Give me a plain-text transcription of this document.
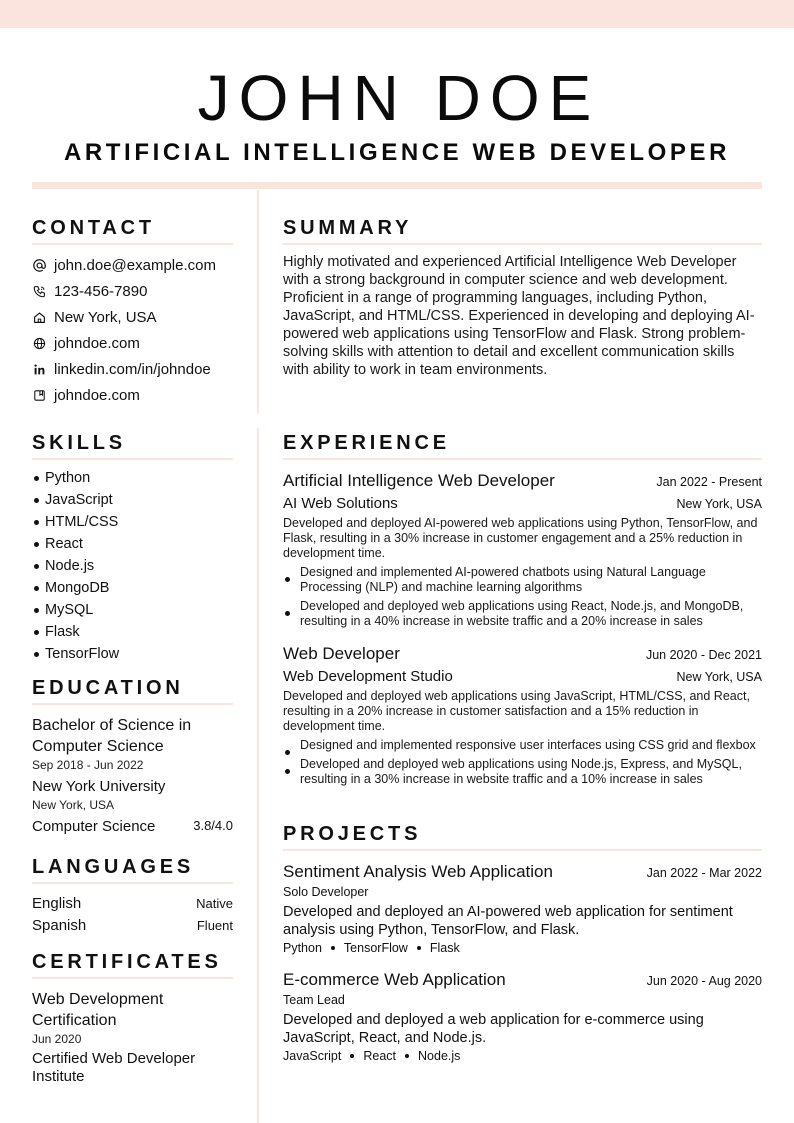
JOHN DOE
ARTIFICIAL INTELLIGENCE WEB DEVELOPER
CONTACT
john.doe@example.com
123-456-7890
New York, USA
johndoe.com
linkedin.com/in/johndoe
johndoe.com
SUMMARY
Highly motivated and experienced Artificial Intelligence Web Developer with a strong background in computer science and web development. Proficient in a range of programming languages, including Python, JavaScript, and HTML/CSS. Experienced in developing and deploying AI-powered web applications using TensorFlow and Flask. Strong problem-solving skills with attention to detail and excellent communication skills with ability to work in team environments.
SKILLS
Python
JavaScript
HTML/CSS
React
Node.js
MongoDB
MySQL
Flask
TensorFlow
EDUCATION
Bachelor of Science in Computer Science
Sep 2018 - Jun 2022
New York University
New York, USA
Computer Science	3.8/4.0
LANGUAGES
English	Native
Spanish	Fluent
CERTIFICATES
Web Development Certification
Jun 2020
Certified Web Developer Institute
EXPERIENCE
Artificial Intelligence Web Developer	Jan 2022 - Present
AI Web Solutions	New York, USA
Developed and deployed AI-powered web applications using Python, TensorFlow, and Flask, resulting in a 30% increase in customer engagement and a 25% reduction in development time.
Designed and implemented AI-powered chatbots using Natural Language Processing (NLP) and machine learning algorithms
Developed and deployed web applications using React, Node.js, and MongoDB, resulting in a 40% increase in website traffic and a 20% increase in sales
Web Developer	Jun 2020 - Dec 2021
Web Development Studio	New York, USA
Developed and deployed web applications using JavaScript, HTML/CSS, and React, resulting in a 20% increase in customer satisfaction and a 15% reduction in development time.
Designed and implemented responsive user interfaces using CSS grid and flexbox
Developed and deployed web applications using Node.js, Express, and MySQL, resulting in a 30% increase in website traffic and a 10% increase in sales
PROJECTS
Sentiment Analysis Web Application	Jan 2022 - Mar 2022
Solo Developer
Developed and deployed an AI-powered web application for sentiment analysis using Python, TensorFlow, and Flask.
Python TensorFlow Flask
E-commerce Web Application	Jun 2020 - Aug 2020
Team Lead
Developed and deployed a web application for e-commerce using JavaScript, React, and Node.js.
JavaScript React Node.js
